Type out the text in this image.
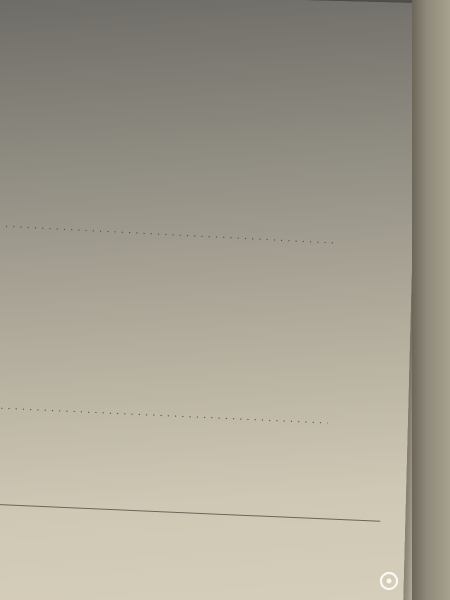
. . .
. . .
